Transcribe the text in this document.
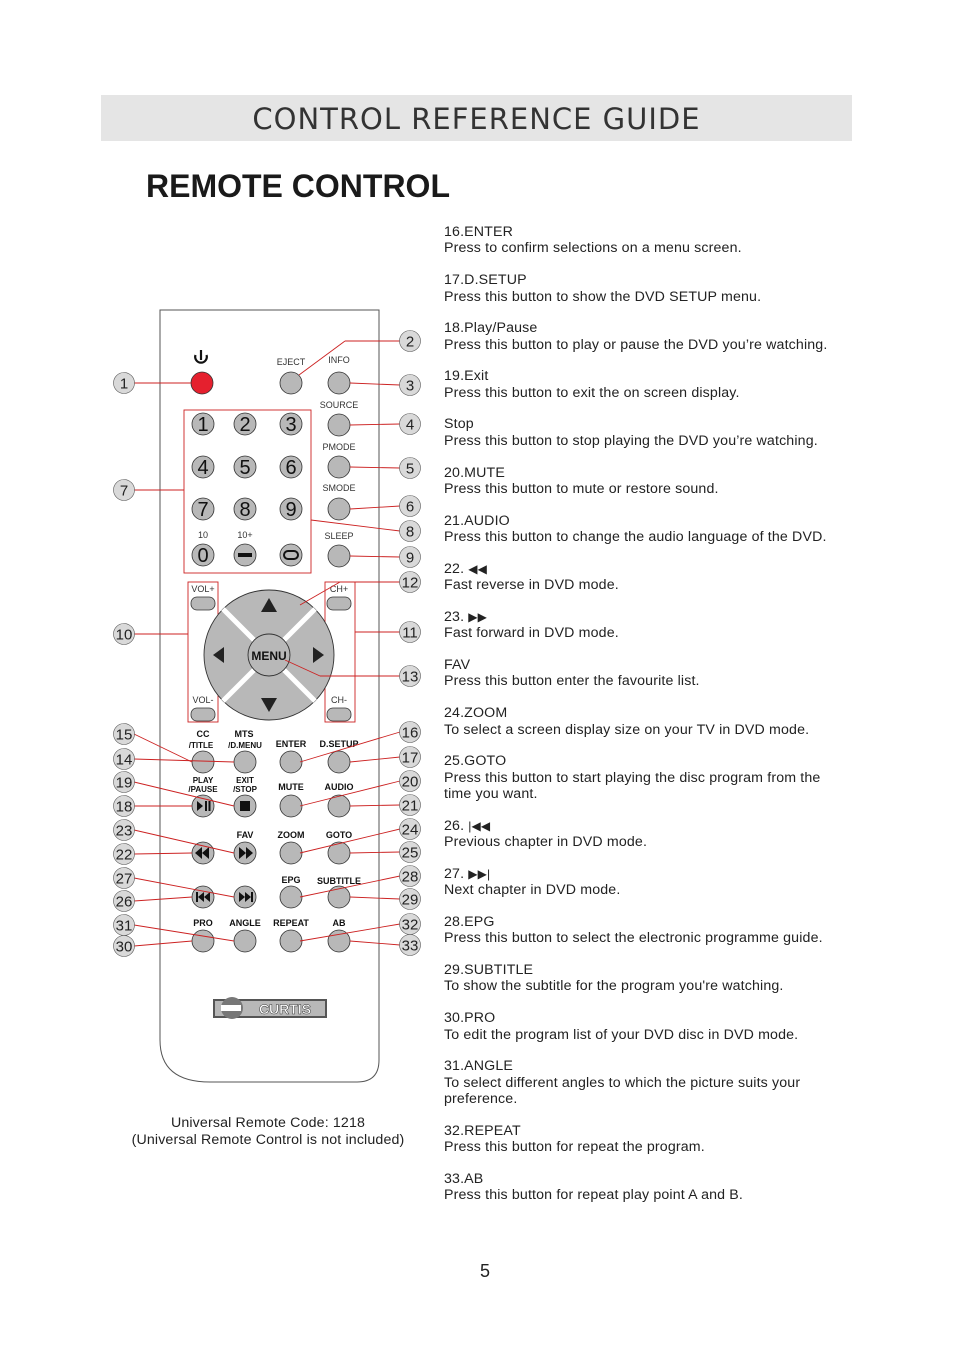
CONTROL REFERENCE GUIDE
REMOTE CONTROL
EJECT	INFO
SOURCE
PMODE
SMODE
SLEEP
1 2 3
4 5 6
7 8 9
0
10	10+
VOL+	CH+
VOL-	CH-
MENU
CC
/TITLE
MTS
/D.MENU ENTER D.SETUP
PLAY
/PAUSE
EXIT
/STOP MUTE AUDIO
FAV	ZOOM GOTO
EPG SUBTITLE
PRO ANGLE REPEAT	AB
CURTIS
1
7
10
15
14
19
18
23
22
27
26
31
30
2
3
4
5
6
8
9
12
11
13
16
17
20
21
24
25
28
29
32
33
16.ENTER
Press to confirm selections on a menu screen.
17.D.SETUP
Press this button to show the DVD SETUP menu.
18.Play/Pause
Press this button to play or pause the DVD you’re watching.
19.Exit
Press this button to exit the on screen display.
Stop
Press this button to stop playing the DVD you’re watching.
20.MUTE
Press this button to mute or restore sound.
21.AUDIO
Press this button to change the audio language of the DVD.
22. ◀◀

Fast reverse in DVD mode.
23. ▶▶

Fast forward in DVD mode.
FAV
Press this button enter the favourite list.
24.ZOOM
To select a screen display size on your TV in DVD mode.
25.GOTO
Press this button to start playing the disc program from the time you want.
26. |◀◀

Previous chapter in DVD mode.
27. ▶▶|

Next chapter in DVD mode.
28.EPG
Press this button to select the electronic programme guide.
29.SUBTITLE
To show the subtitle for the program you're watching.
30.PRO
To edit the program list of your DVD disc in DVD mode.
31.ANGLE
To select different angles to which the picture suits your preference.
32.REPEAT
Press this button for repeat the program.
33.AB
Press this button for repeat play point A and B.
Universal Remote Code: 1218
(Universal Remote Control is not included)
5
